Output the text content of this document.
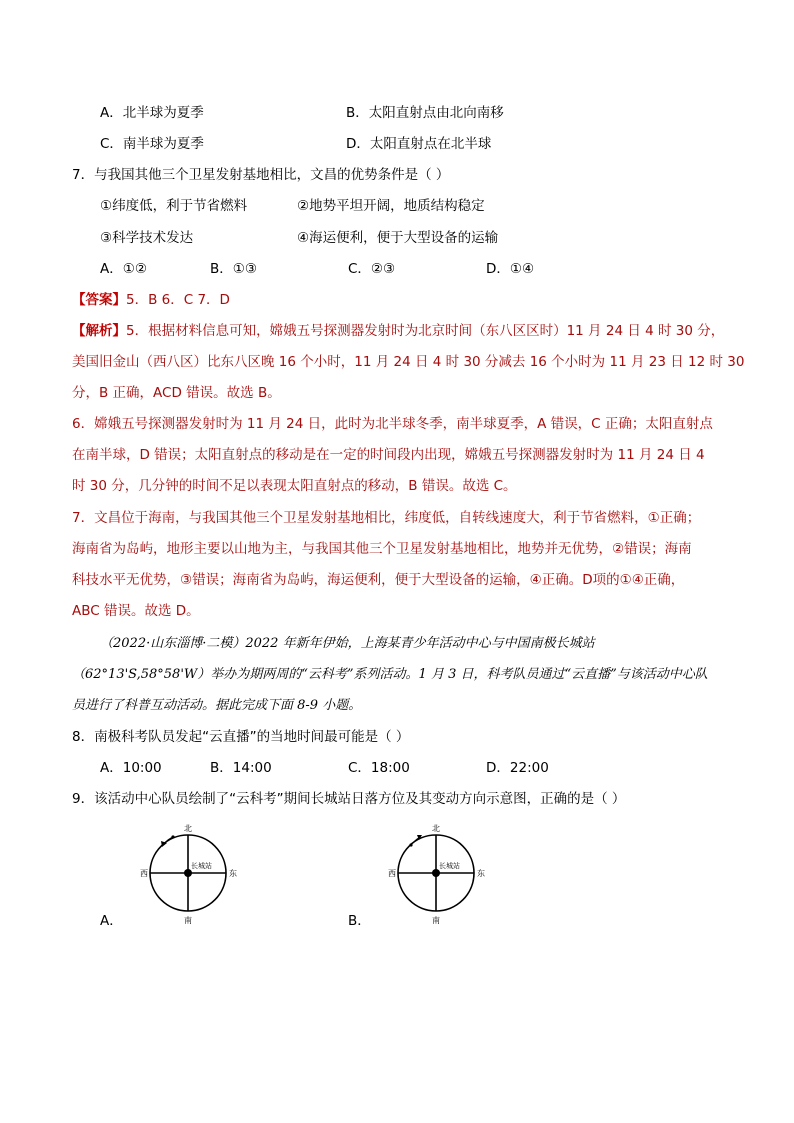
A．北半球为夏季	B．太阳直射点由北向南移
C．南半球为夏季	D．太阳直射点在北半球
7．与我国其他三个卫星发射基地相比，文昌的优势条件是（ ）
①纬度低，利于节省燃料	②地势平坦开阔，地质结构稳定
③科学技术发达	④海运便利，便于大型设备的运输
A．①②	B．①③	C．②③	D．①④
【答案】5．B 6．C 7．D
【解析】5．根据材料信息可知，嫦娥五号探测器发射时为北京时间（东八区区时）11 月 24 日 4 时 30 分，
美国旧金山（西八区）比东八区晚 16 个小时，11 月 24 日 4 时 30 分减去 16 个小时为 11 月 23 日 12 时 30
分，B 正确，ACD 错误。故选 B。
6．嫦娥五号探测器发射时为 11 月 24 日，此时为北半球冬季，南半球夏季，A 错误，C 正确；太阳直射点
在南半球，D 错误；太阳直射点的移动是在一定的时间段内出现，嫦娥五号探测器发射时为 11 月 24 日 4
时 30 分，几分钟的时间不足以表现太阳直射点的移动，B 错误。故选 C。
7．文昌位于海南，与我国其他三个卫星发射基地相比，纬度低，自转线速度大，利于节省燃料，①正确；
海南省为岛屿，地形主要以山地为主，与我国其他三个卫星发射基地相比，地势并无优势，②错误；海南
科技水平无优势，③错误；海南省为岛屿，海运便利，便于大型设备的运输，④正确。D项的①④正确，
ABC 错误。故选 D。
（2022·山东淄博·二模）2022 年新年伊始，上海某青少年活动中心与中国南极长城站
（62°13'S,58°58'W）举办为期两周的“云科考”系列活动。1 月 3 日，科考队员通过“云直播”与该活动中心队
员进行了科普互动活动。据此完成下面 8-9 小题。
8．南极科考队员发起“云直播”的当地时间最可能是（ ）
A．10:00	B．14:00	C．18:00	D．22:00
9．该活动中心队员绘制了“云科考”期间长城站日落方位及其变动方向示意图，正确的是（ ）
北
南
西	东
长城站
A．
北
南
西	东
长城站
B．
